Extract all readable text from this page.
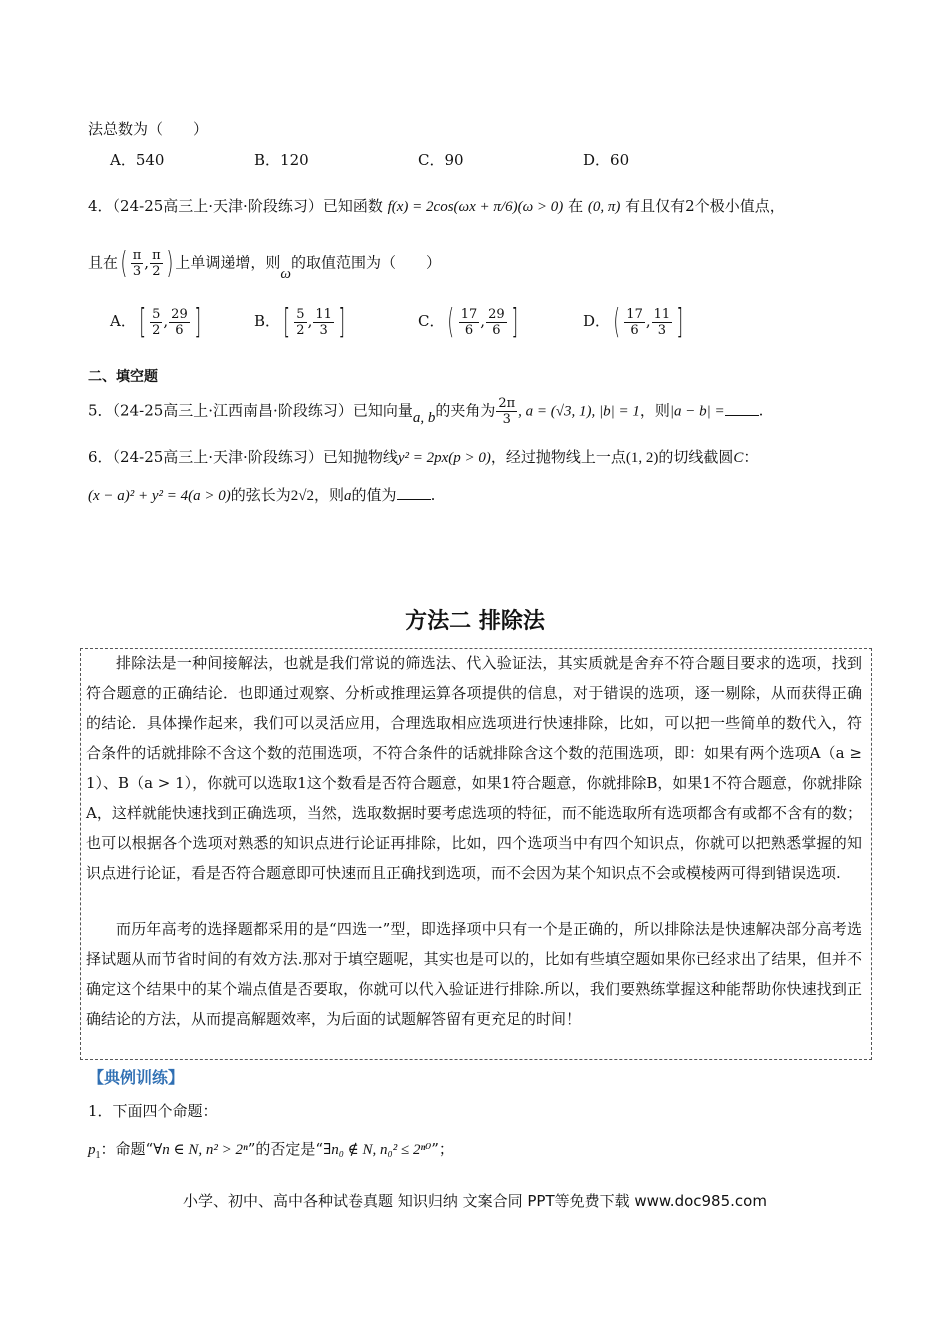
法总数为（　　）
A．540	B．120	C．90	D．60
4．（24-25高三上·天津·阶段练习）已知函数 f(x) = 2cos(ωx + π/6)(ω > 0) 在 (0, π) 有且仅有2个极小值点，
且在( $\frac{\pi}{3}$ , $\frac{\pi}{2}$ ) 上单调递增，则ω的取值范围为（　　）
A．[ $\frac{5}{2}$ , $\frac{29}{6}$ ]	B．[ $\frac{5}{2}$ , $\frac{11}{3}$ ]	C．( $\frac{17}{6}$ , $\frac{29}{6}$ ]	D．( $\frac{17}{6}$ , $\frac{11}{3}$ ]
二、填空题
5．（24-25高三上·江西南昌·阶段练习）已知向量a, b的夹角为 $\frac{2\pi}{3}$ , a = (√3, 1), |b| = 1，则|a − b| = .
6．（24-25高三上·天津·阶段练习）已知抛物线y² = 2px(p > 0)，经过抛物线上一点(1, 2)的切线截圆C：
(x − a)² + y² = 4(a > 0)的弦长为2√2，则a的值为 .
方法二 排除法
排除法是一种间接解法，也就是我们常说的筛选法、代入验证法，其实质就是舍弃不符合题目要求的选项，找到符合题意的正确结论．也即通过观察、分析或推理运算各项提供的信息，对于错误的选项，逐一剔除，从而获得正确的结论．具体操作起来，我们可以灵活应用，合理选取相应选项进行快速排除，比如，可以把一些简单的数代入，符合条件的话就排除不含这个数的范围选项，不符合条件的话就排除含这个数的范围选项，即：如果有两个选项A（a ≥ 1）、B（a > 1），你就可以选取1这个数看是否符合题意，如果1符合题意，你就排除B，如果1不符合题意，你就排除A，这样就能快速找到正确选项，当然，选取数据时要考虑选项的特征，而不能选取所有选项都含有或都不含有的数；也可以根据各个选项对熟悉的知识点进行论证再排除，比如，四个选项当中有四个知识点，你就可以把熟悉掌握的知识点进行论证，看是否符合题意即可快速而且正确找到选项，而不会因为某个知识点不会或模棱两可得到错误选项.
而历年高考的选择题都采用的是“四选一”型，即选择项中只有一个是正确的，所以排除法是快速解决部分高考选择试题从而节省时间的有效方法.那对于填空题呢，其实也是可以的，比如有些填空题如果你已经求出了结果，但并不确定这个结果中的某个端点值是否要取，你就可以代入验证进行排除.所以，我们要熟练掌握这种能帮助你快速找到正确结论的方法，从而提高解题效率，为后面的试题解答留有更充足的时间！
【典例训练】
1．下面四个命题：
$p_1$：命题“∀n ∈ N, n² > 2ⁿ”的否定是“∃n₀ ∉ N, n₀² ≤ 2ⁿ⁰”；
小学、初中、高中各种试卷真题 知识归纳 文案合同 PPT等免费下载 www.doc985.com
